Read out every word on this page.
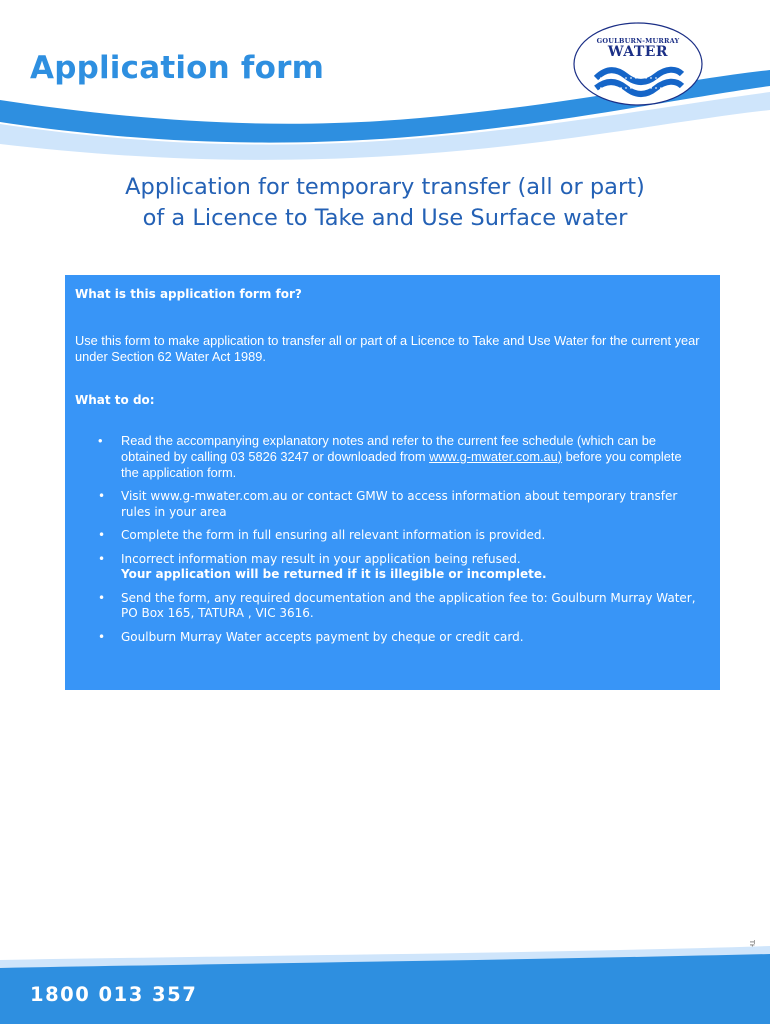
Application form
GOULBURN-MURRAY
WATER
Application for temporary transfer (all or part)
of a Licence to Take and Use Surface water
What is this application form for?
Use this form to make application to transfer all or part of a Licence to Take and Use Water for the current year under Section 62 Water Act 1989.
What to do:
• Read the accompanying explanatory notes and refer to the current fee schedule (which can be obtained by calling 03 5826 3247 or downloaded from www.g-mwater.com.au) before you complete the application form.
• Visit www.g-mwater.com.au or contact GMW to access information about temporary transfer rules in your area
• Complete the form in full ensuring all relevant information is provided.
• Incorrect information may result in your application being refused.
Your application will be returned if it is illegible or incomplete.
• Send the form, any required documentation and the application fee to: Goulburn Murray Water, PO Box 165, TATURA , VIC 3616.
• Goulburn Murray Water accepts payment by cheque or credit card.
1800 013 357
